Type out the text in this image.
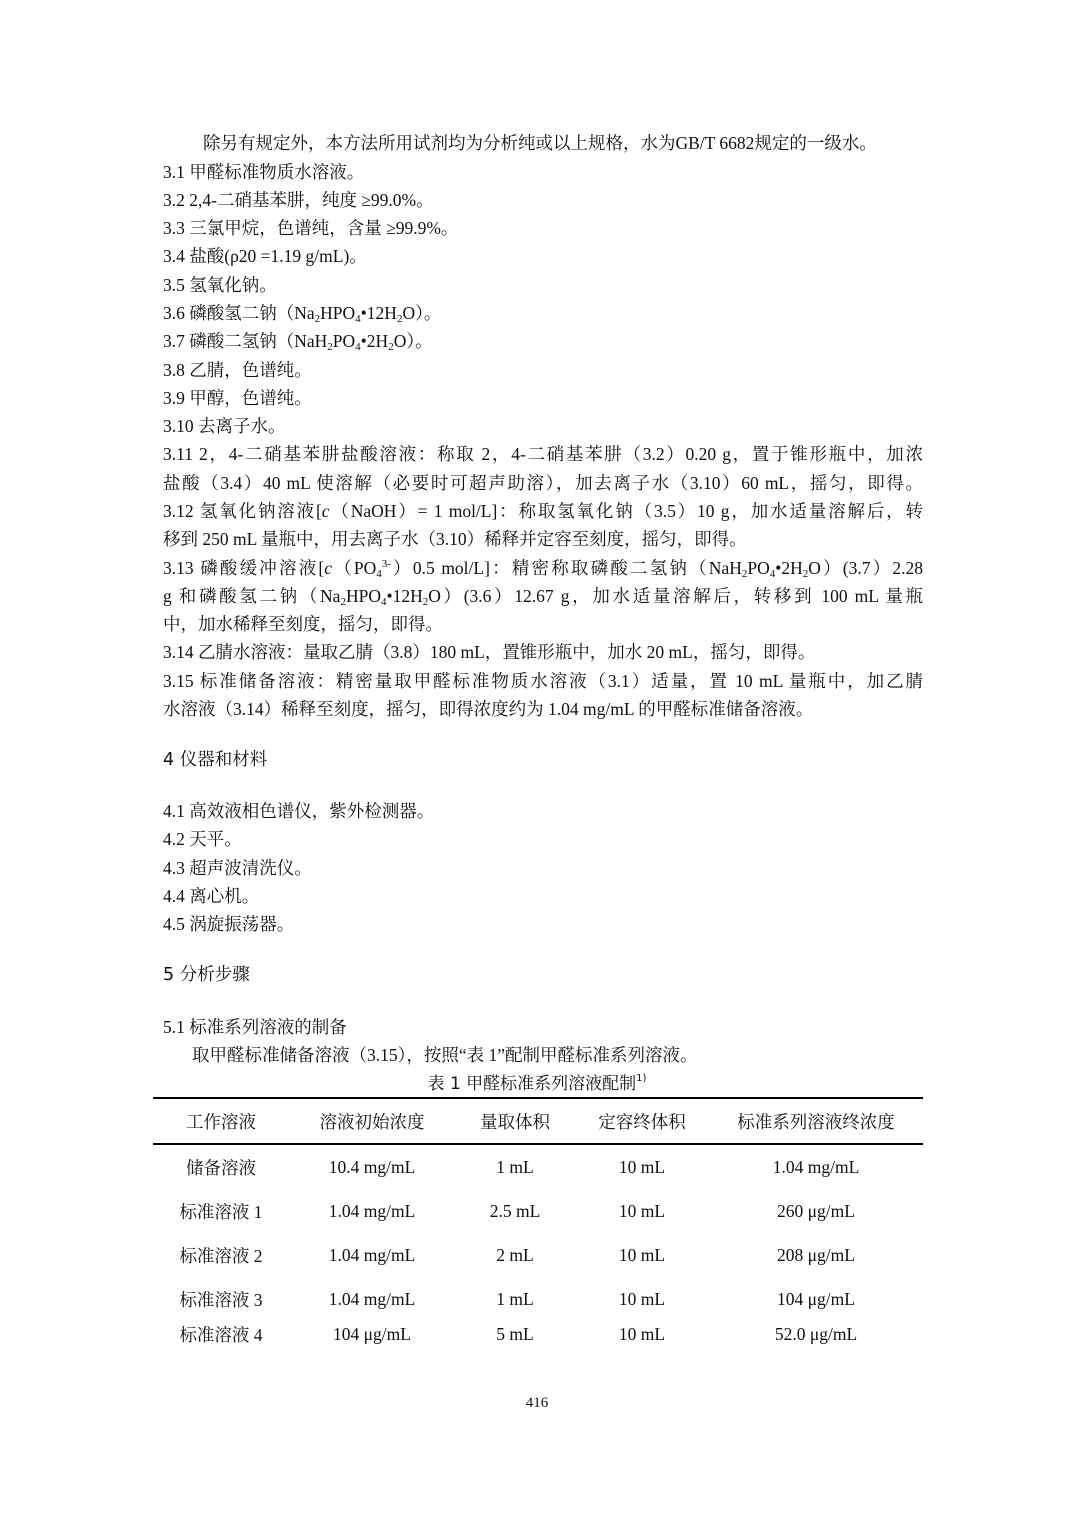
除另有规定外，本方法所用试剂均为分析纯或以上规格，水为GB/T 6682规定的一级水。
3.1 甲醛标准物质水溶液。
3.2 2,4-二硝基苯肼，纯度 ≥99.0%。
3.3 三氯甲烷，色谱纯，含量 ≥99.9%。
3.4 盐酸(ρ20 =1.19 g/mL)。
3.5 氢氧化钠。
3.6 磷酸氢二钠$(Na_2HPO_4•12H_2O)$。
3.7 磷酸二氢钠$(NaH_2PO_4•2H_2O)$。
3.8 乙腈，色谱纯。
3.9 甲醇，色谱纯。
3.10 去离子水。
3.11 2，4-二硝基苯肼盐酸溶液：称取 2，4-二硝基苯肼（3.2）0.20 g，置于锥形瓶中，加浓
盐酸（3.4）40 mL 使溶解（必要时可超声助溶），加去离子水（3.10）60 mL，摇匀，即得。
3.12 氢氧化钠溶液[c（NaOH）= 1 mol/L]：称取氢氧化钠（3.5）10 g，加水适量溶解后，转
移到 250 mL 量瓶中，用去离子水（3.10）稀释并定容至刻度，摇匀，即得。
3.13 磷酸缓冲溶液[$c(PO_4^{3-})0.5$ mol/L]：精密称取磷酸二氢钠$(NaH_2PO_4•2H_2O)(3.7)2.28$
g 和磷酸氢二钠$(Na_2HPO_4•12H_2O)(3.6)12.67$ g，加水适量溶解后，转移到 100 mL 量瓶
中，加水稀释至刻度，摇匀，即得。
3.14 乙腈水溶液：量取乙腈（3.8）180 mL，置锥形瓶中，加水 20 mL，摇匀，即得。
3.15 标准储备溶液：精密量取甲醛标准物质水溶液（3.1）适量，置 10 mL 量瓶中，加乙腈
水溶液（3.14）稀释至刻度，摇匀，即得浓度约为 1.04 mg/mL 的甲醛标准储备溶液。
4 仪器和材料
4.1 高效液相色谱仪，紫外检测器。
4.2 天平。
4.3 超声波清洗仪。
4.4 离心机。
4.5 涡旋振荡器。
5 分析步骤
5.1 标准系列溶液的制备
取甲醛标准储备溶液（3.15），按照“表 1”配制甲醛标准系列溶液。
表 1 甲醛标准系列溶液配制$^{1)}$
工作溶液	溶液初始浓度	量取体积	定容终体积	标准系列溶液终浓度
储备溶液	10.4 mg/mL	1 mL	10 mL	1.04 mg/mL
标准溶液 1	1.04 mg/mL	2.5 mL	10 mL	260 μg/mL
标准溶液 2	1.04 mg/mL	2 mL	10 mL	208 μg/mL
标准溶液 3	1.04 mg/mL	1 mL	10 mL	104 μg/mL
标准溶液 4	104 μg/mL	5 mL	10 mL	52.0 μg/mL
416
